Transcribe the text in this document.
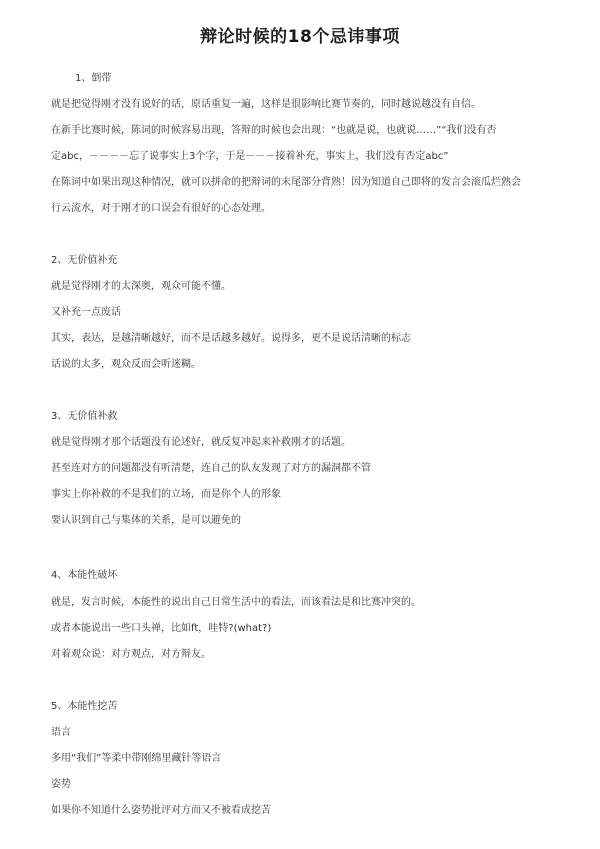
辩论时候的18个忌讳事项
1、倒带
就是把觉得刚才没有说好的话，原话重复一遍，这样是很影响比赛节奏的，同时越说越没有自信。
在新手比赛时候，陈词的时候容易出现，答辩的时候也会出现：“也就是说，也就说……”“我们没有否
定abc，－－－－忘了说事实上3个字，于是－－－接着补充，事实上，我们没有否定abc”
在陈词中如果出现这种情况，就可以拼命的把辩词的末尾部分背熟！因为知道自己即将的发言会滚瓜烂熟会
行云流水，对于刚才的口误会有很好的心态处理。
2、无价值补充
就是觉得刚才的太深奥，观众可能不懂。
又补充一点废话
其实，表达，是越清晰越好，而不是话越多越好。说得多，更不是说话清晰的标志
话说的太多，观众反而会听迷糊。
3、无价值补救
就是觉得刚才那个话题没有论述好，就反复冲起来补救刚才的话题。
甚至连对方的问题都没有听清楚，连自己的队友发现了对方的漏洞都不管
事实上你补救的不是我们的立场，而是你个人的形象
要认识到自己与集体的关系，是可以避免的
4、本能性破坏
就是，发言时候，本能性的说出自己日常生活中的看法，而该看法是和比赛冲突的。
或者本能说出一些口头禅，比如ft，哇特?(what?)
对着观众说：对方观点，对方辩友。
5、本能性挖苦
语言
多用“我们”等柔中带刚绵里藏针等语言
姿势
如果你不知道什么姿势批评对方而又不被看成挖苦
